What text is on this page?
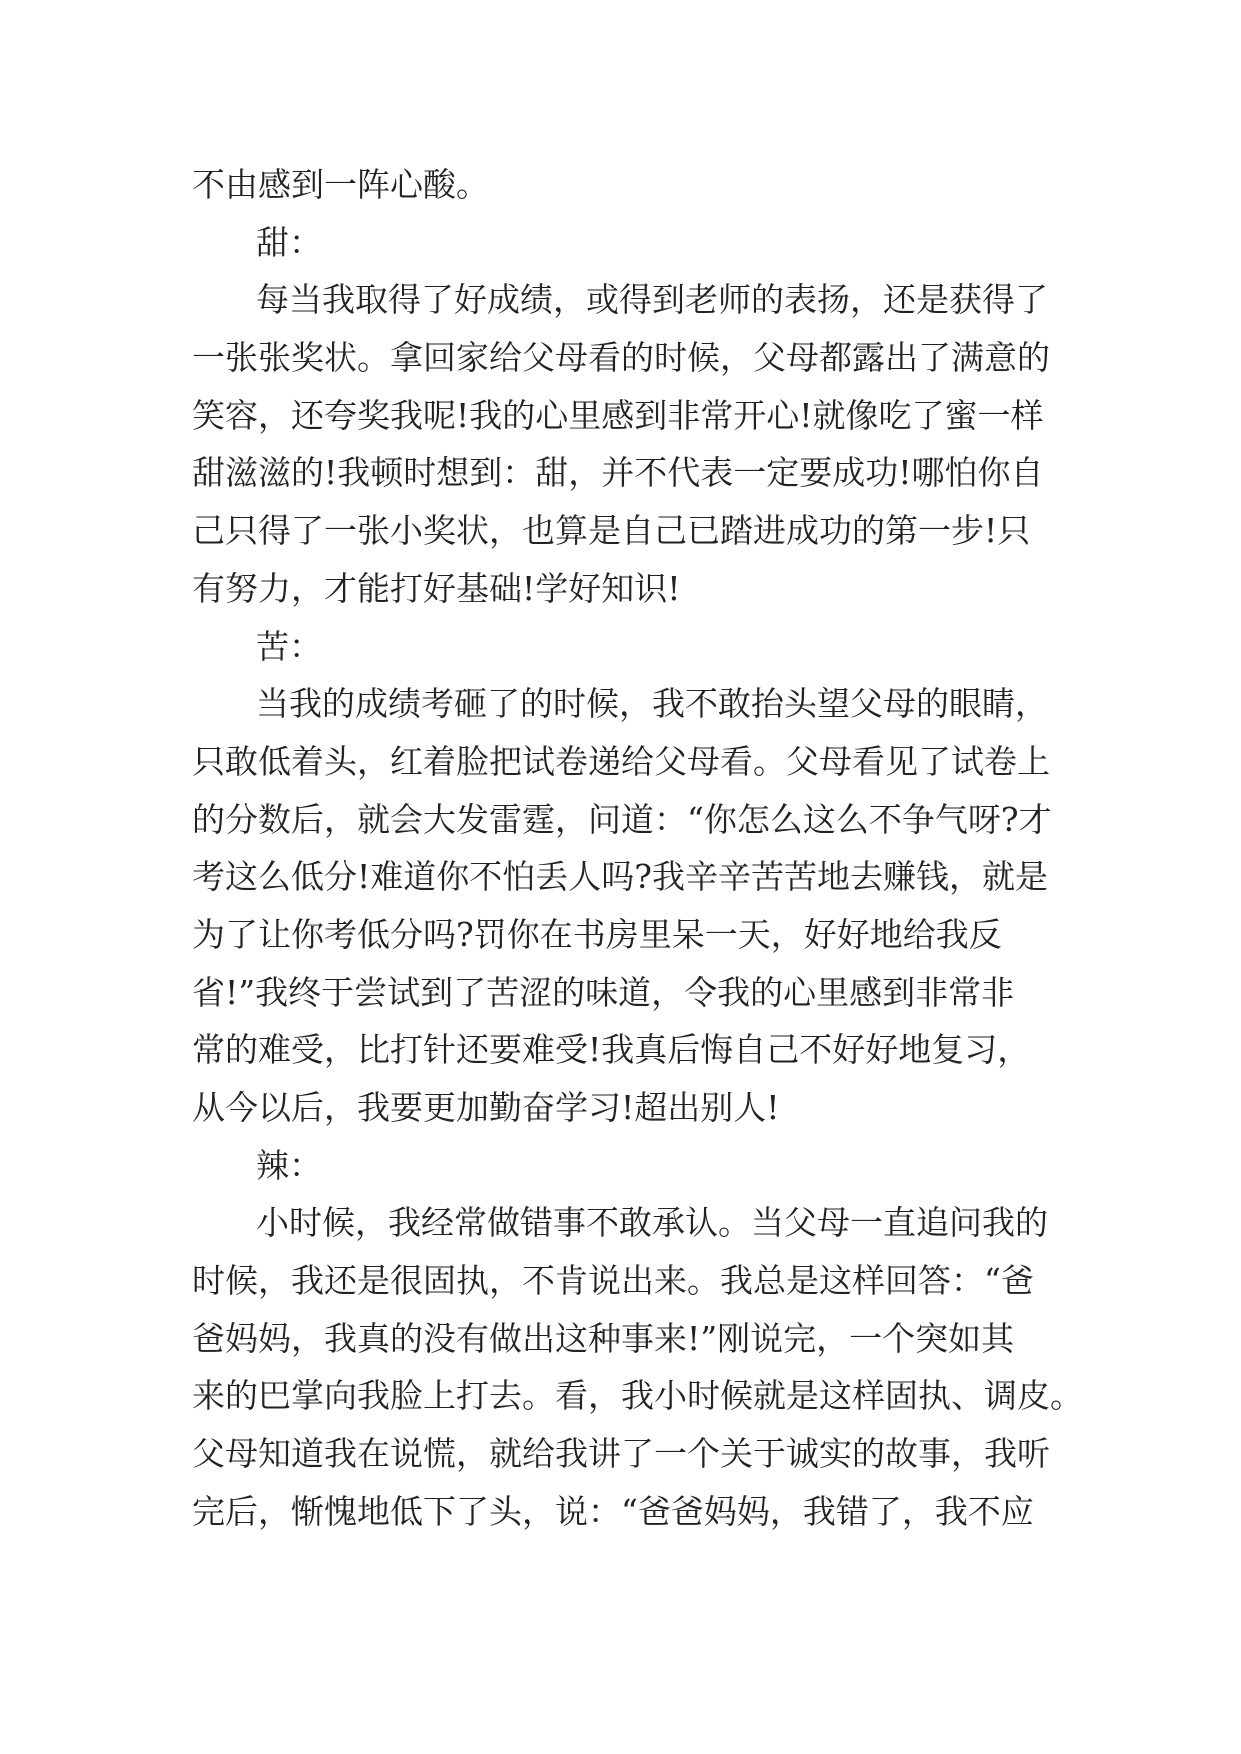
不由感到一阵心酸。
甜：
每当我取得了好成绩，或得到老师的表扬，还是获得了
一张张奖状。拿回家给父母看的时候，父母都露出了满意的
笑容，还夸奖我呢!我的心里感到非常开心!就像吃了蜜一样
甜滋滋的!我顿时想到：甜，并不代表一定要成功!哪怕你自
己只得了一张小奖状，也算是自己已踏进成功的第一步!只
有努力，才能打好基础!学好知识!
苦：
当我的成绩考砸了的时候，我不敢抬头望父母的眼睛，
只敢低着头，红着脸把试卷递给父母看。父母看见了试卷上
的分数后，就会大发雷霆，问道：“你怎么这么不争气呀?才
考这么低分!难道你不怕丢人吗?我辛辛苦苦地去赚钱，就是
为了让你考低分吗?罚你在书房里呆一天，好好地给我反
省!”我终于尝试到了苦涩的味道，令我的心里感到非常非
常的难受，比打针还要难受!我真后悔自己不好好地复习，
从今以后，我要更加勤奋学习!超出别人!
辣：
小时候，我经常做错事不敢承认。当父母一直追问我的
时候，我还是很固执，不肯说出来。我总是这样回答：“爸
爸妈妈，我真的没有做出这种事来!”刚说完，一个突如其
来的巴掌向我脸上打去。看，我小时候就是这样固执、调皮。
父母知道我在说慌，就给我讲了一个关于诚实的故事，我听
完后，惭愧地低下了头，说：“爸爸妈妈，我错了，我不应
